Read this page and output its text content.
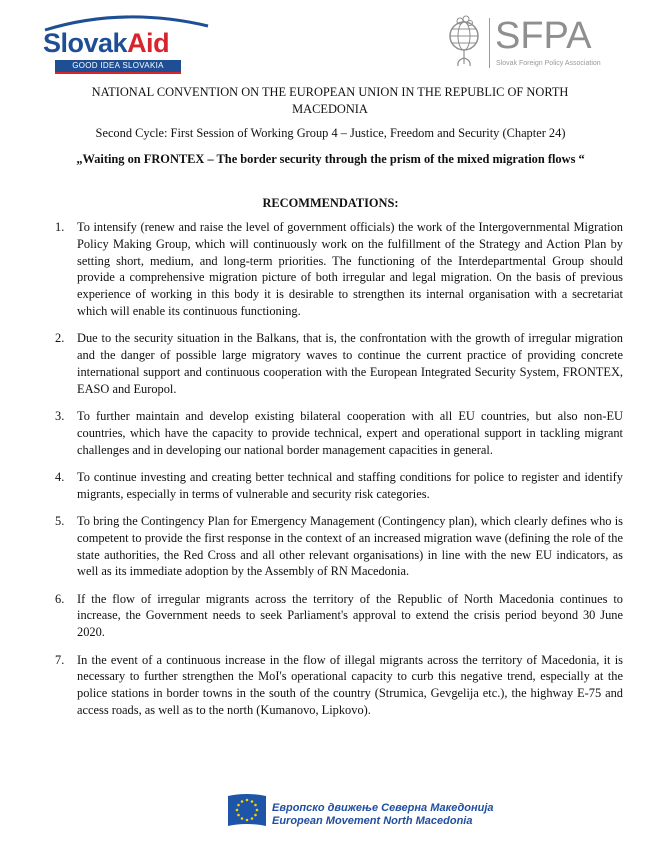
SlovakAid
GOOD IDEA SLOVAKIA
SFPA
Slovak Foreign Policy Association
NATIONAL CONVENTION ON THE EUROPEAN UNION IN THE REPUBLIC OF NORTH MACEDONIA
Second Cycle: First Session of Working Group 4 – Justice, Freedom and Security (Chapter 24)
„Waiting on FRONTEX – The border security through the prism of the mixed migration flows “
RECOMMENDATIONS:
1. To intensify (renew and raise the level of government officials) the work of the Intergovernmental Migration Policy Making Group, which will continuously work on the fulfillment of the Strategy and Action Plan by setting short, medium, and long-term priorities. The functioning of the Interdepartmental Group should provide a comprehensive migration picture of both irregular and legal migration. On the basis of previous experience of working in this body it is desirable to strengthen its internal organisation with a secretariat which will enable its continuous functioning.
2. Due to the security situation in the Balkans, that is, the confrontation with the growth of irregular migration and the danger of possible large migratory waves to continue the current practice of providing concrete international support and continuous cooperation with the European Integrated Security System, FRONTEX, EASO and Europol.
3. To further maintain and develop existing bilateral cooperation with all EU countries, but also non-EU countries, which have the capacity to provide technical, expert and operational support in tackling migrant challenges and in developing our national border management capacities in general.
4. To continue investing and creating better technical and staffing conditions for police to register and identify migrants, especially in terms of vulnerable and security risk categories.
5. To bring the Contingency Plan for Emergency Management (Contingency plan), which clearly defines who is competent to provide the first response in the context of an increased migration wave (defining the role of the state authorities, the Red Cross and all other relevant organisations) in line with the new EU indicators, as well as its immediate adoption by the Assembly of RN Macedonia.
6. If the flow of irregular migrants across the territory of the Republic of North Macedonia continues to increase, the Government needs to seek Parliament's approval to extend the crisis period beyond 30 June 2020.
7. In the event of a continuous increase in the flow of illegal migrants across the territory of Macedonia, it is necessary to further strengthen the MoI's operational capacity to curb this negative trend, especially at the police stations in border towns in the south of the country (Strumica, Gevgelija etc.), the highway E-75 and access roads, as well as to the north (Kumanovo, Lipkovo).
Европско движење Северна Македонија
European Movement North Macedonia
